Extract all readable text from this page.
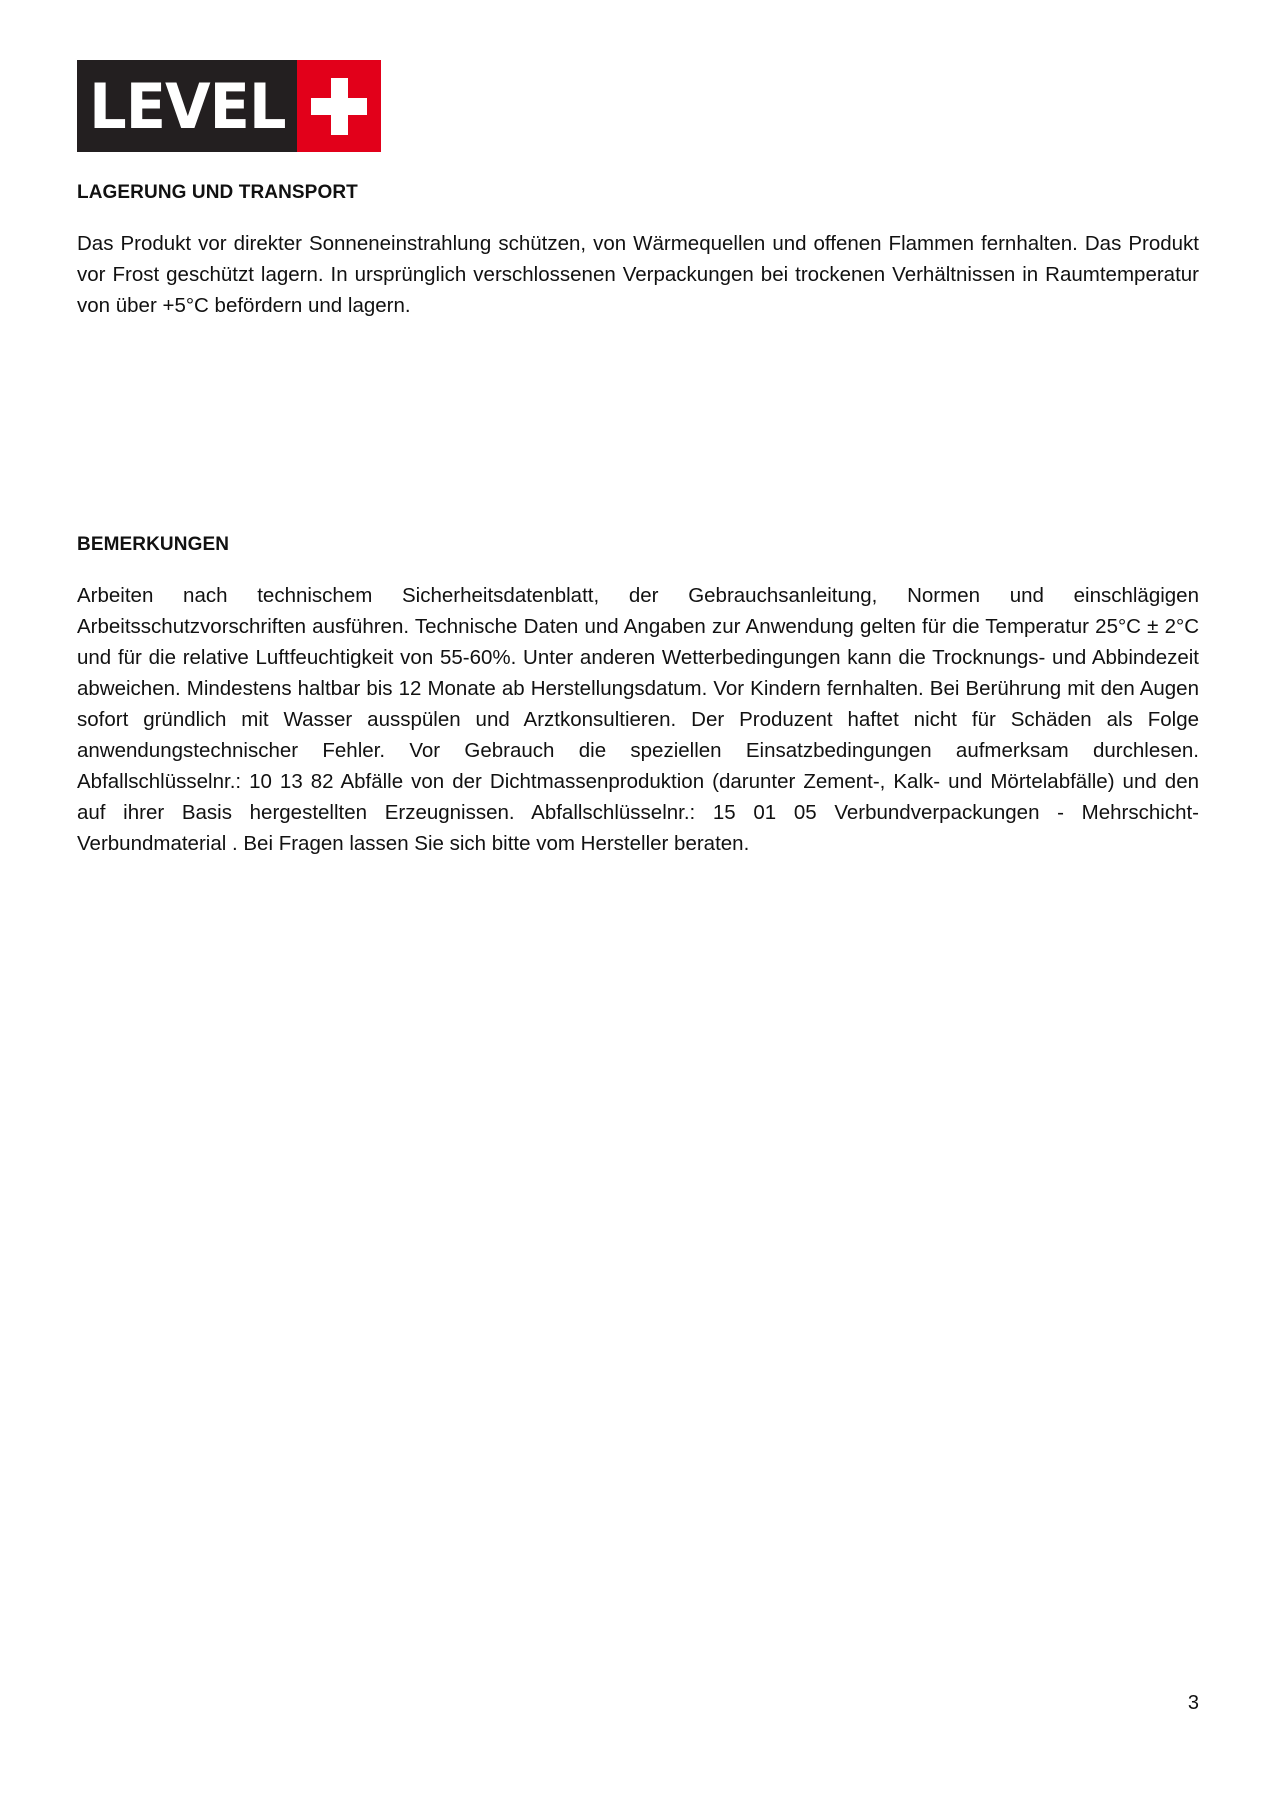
LEVEL
LAGERUNG UND TRANSPORT
Das Produkt vor direkter Sonneneinstrahlung schützen, von Wärmequellen und offenen Flammen fernhalten. Das Produkt vor Frost geschützt lagern. In ursprünglich verschlossenen Verpackungen bei trockenen Verhältnissen in Raumtemperatur von über +5°C befördern und lagern.
BEMERKUNGEN
Arbeiten nach technischem Sicherheitsdatenblatt, der Gebrauchsanleitung, Normen und einschlägigen Arbeitsschutzvorschriften ausführen. Technische Daten und Angaben zur Anwendung gelten für die Temperatur 25°C ± 2°C und für die relative Luftfeuchtigkeit von 55-60%. Unter anderen Wetterbedingungen kann die Trocknungs- und Abbindezeit abweichen. Mindestens haltbar bis 12 Monate ab Herstellungsdatum. Vor Kindern fernhalten. Bei Berührung mit den Augen sofort gründlich mit Wasser ausspülen und Arztkonsultieren. Der Produzent haftet nicht für Schäden als Folge anwendungstechnischer Fehler. Vor Gebrauch die speziellen Einsatzbedingungen aufmerksam durchlesen. Abfallschlüsselnr.: 10 13 82 Abfälle von der Dichtmassenproduktion (darunter Zement-, Kalk- und Mörtelabfälle) und den auf ihrer Basis hergestellten Erzeugnissen. Abfallschlüsselnr.: 15 01 05 Verbundverpackungen - Mehrschicht-Verbundmaterial . Bei Fragen lassen Sie sich bitte vom Hersteller beraten.
3
